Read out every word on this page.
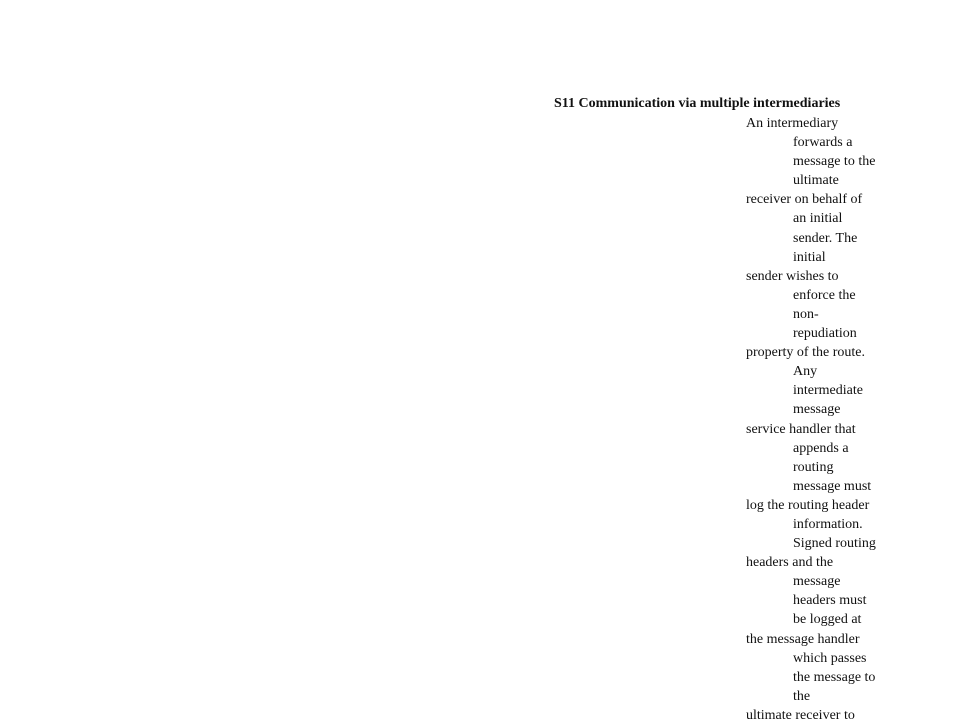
S11 Communication via multiple intermediaries
An intermediary
forwards a
message to the
ultimate
receiver on behalf of
an initial
sender. The
initial
sender wishes to
enforce the
non-
repudiation
property of the route.
Any
intermediate
message
service handler that
appends a
routing
message must
log the routing header
information.
Signed routing
headers and the
message
headers must
be logged at
the message handler
which passes
the message to
the
ultimate receiver to
